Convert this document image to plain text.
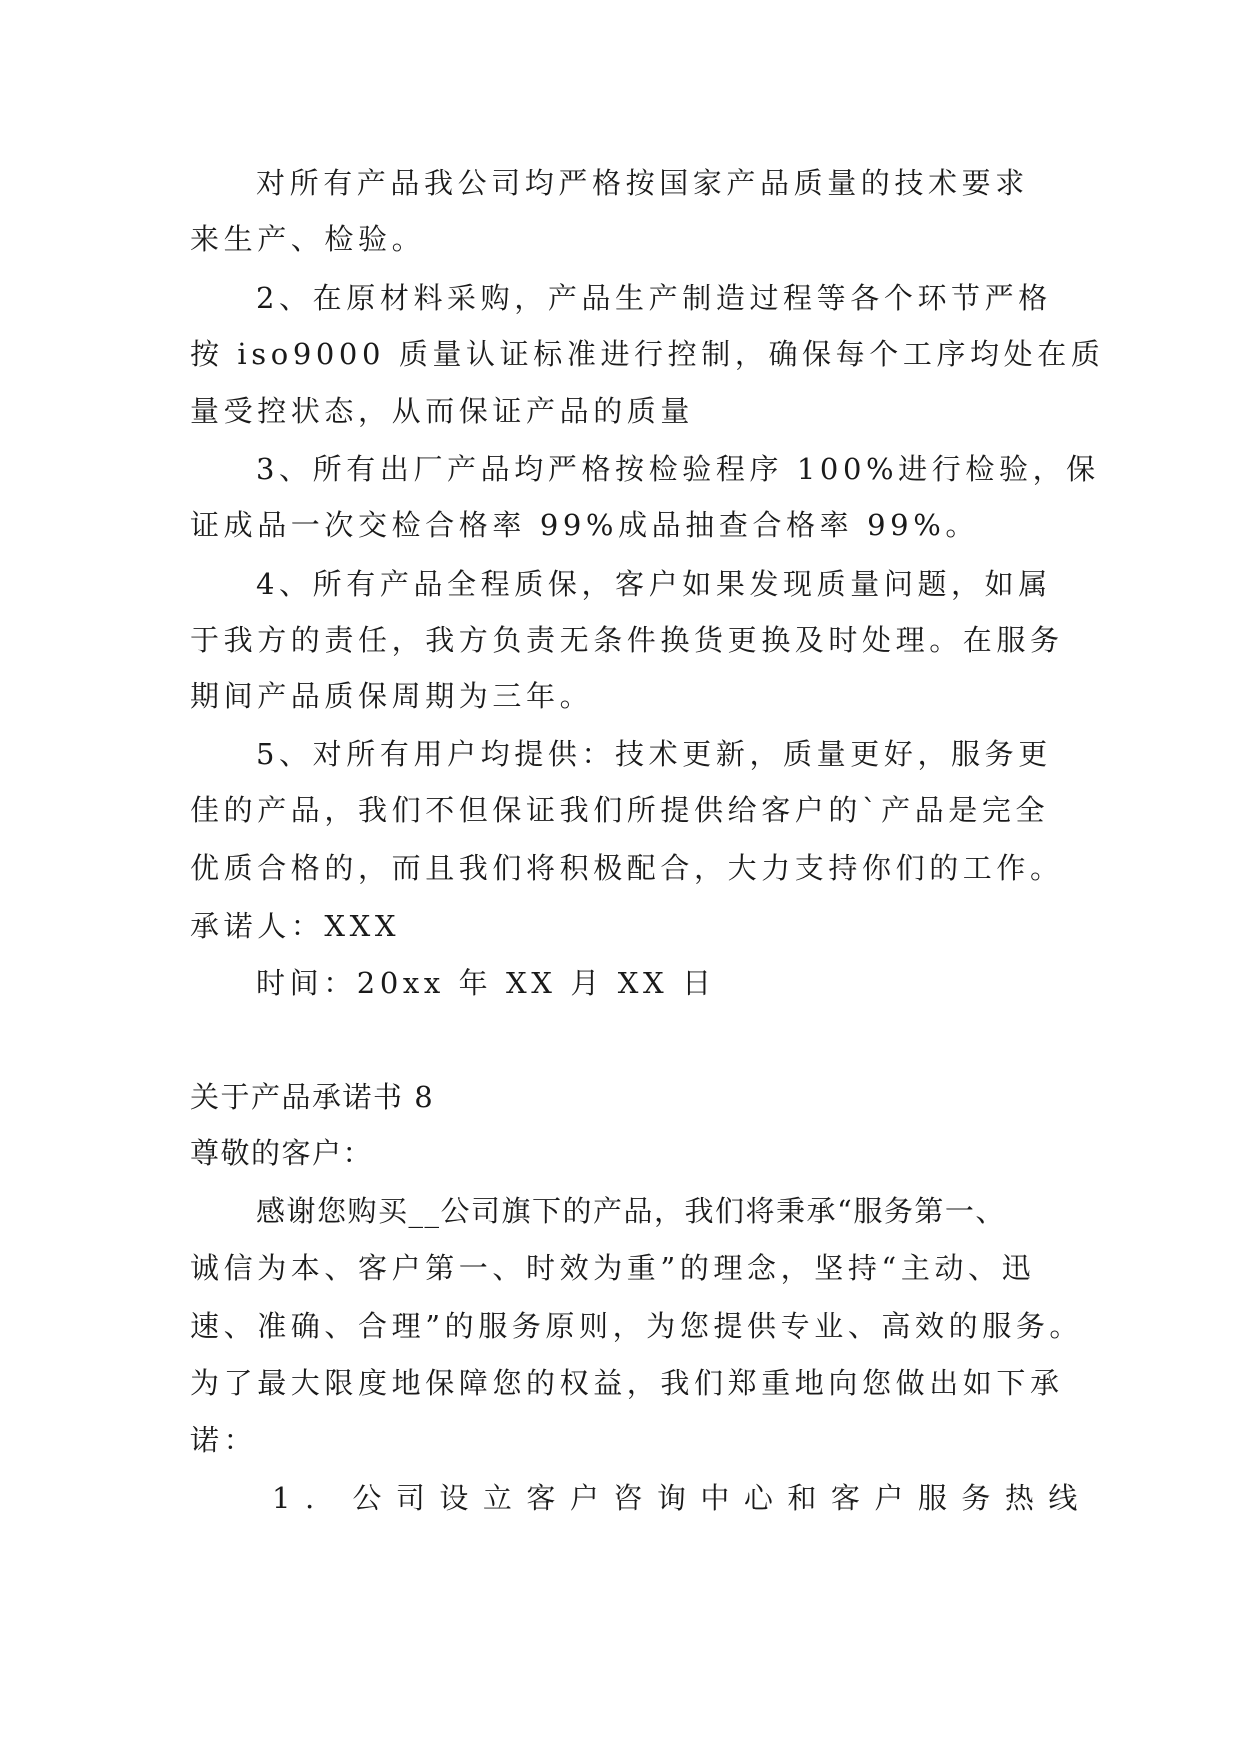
对所有产品我公司均严格按国家产品质量的技术要求
来生产、检验。
2、在原材料采购，产品生产制造过程等各个环节严格
按 iso9000 质量认证标准进行控制，确保每个工序均处在质
量受控状态，从而保证产品的质量
3、所有出厂产品均严格按检验程序 100%进行检验，保
证成品一次交检合格率 99%成品抽查合格率 99%。
4、所有产品全程质保，客户如果发现质量问题，如属
于我方的责任，我方负责无条件换货更换及时处理。在服务
期间产品质保周期为三年。
5、对所有用户均提供：技术更新，质量更好，服务更
佳的产品，我们不但保证我们所提供给客户的`产品是完全
优质合格的，而且我们将积极配合，大力支持你们的工作。
承诺人：XXX
时间：20xx 年 XX 月 XX 日
关于产品承诺书 8
尊敬的客户：
感谢您购买__公司旗下的产品，我们将秉承“服务第一、
诚信为本、客户第一、时效为重”的理念，坚持“主动、迅
速、准确、合理”的服务原则，为您提供专业、高效的服务。
为了最大限度地保障您的权益，我们郑重地向您做出如下承
诺：
1. 公司设立客户咨询中心和客户服务热线
